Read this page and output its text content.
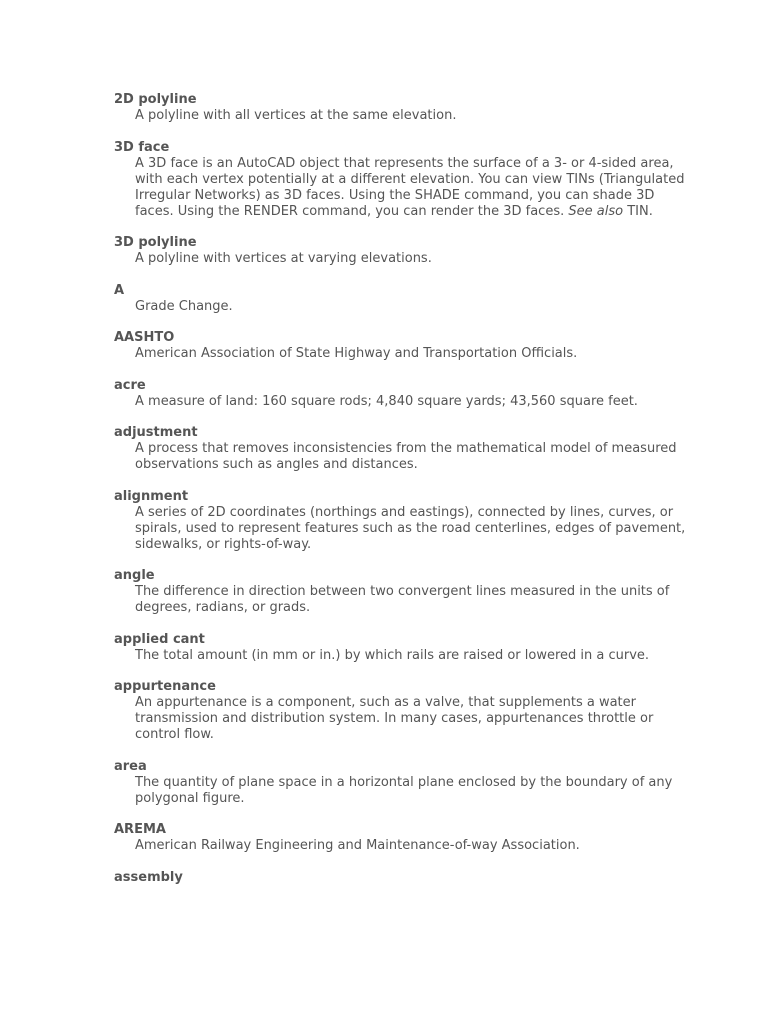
2D polyline
A polyline with all vertices at the same elevation.
3D face
A 3D face is an AutoCAD object that represents the surface of a 3- or 4-sided area, with each vertex potentially at a different elevation. You can view TINs (Triangulated Irregular Networks) as 3D faces. Using the SHADE command, you can shade 3D faces. Using the RENDER command, you can render the 3D faces. See also TIN.
3D polyline
A polyline with vertices at varying elevations.
A
Grade Change.
AASHTO
American Association of State Highway and Transportation Officials.
acre
A measure of land: 160 square rods; 4,840 square yards; 43,560 square feet.
adjustment
A process that removes inconsistencies from the mathematical model of measured observations such as angles and distances.
alignment
A series of 2D coordinates (northings and eastings), connected by lines, curves, or spirals, used to represent features such as the road centerlines, edges of pavement, sidewalks, or rights-of-way.
angle
The difference in direction between two convergent lines measured in the units of degrees, radians, or grads.
applied cant
The total amount (in mm or in.) by which rails are raised or lowered in a curve.
appurtenance
An appurtenance is a component, such as a valve, that supplements a water transmission and distribution system. In many cases, appurtenances throttle or control flow.
area
The quantity of plane space in a horizontal plane enclosed by the boundary of any polygonal figure.
AREMA
American Railway Engineering and Maintenance-of-way Association.
assembly
